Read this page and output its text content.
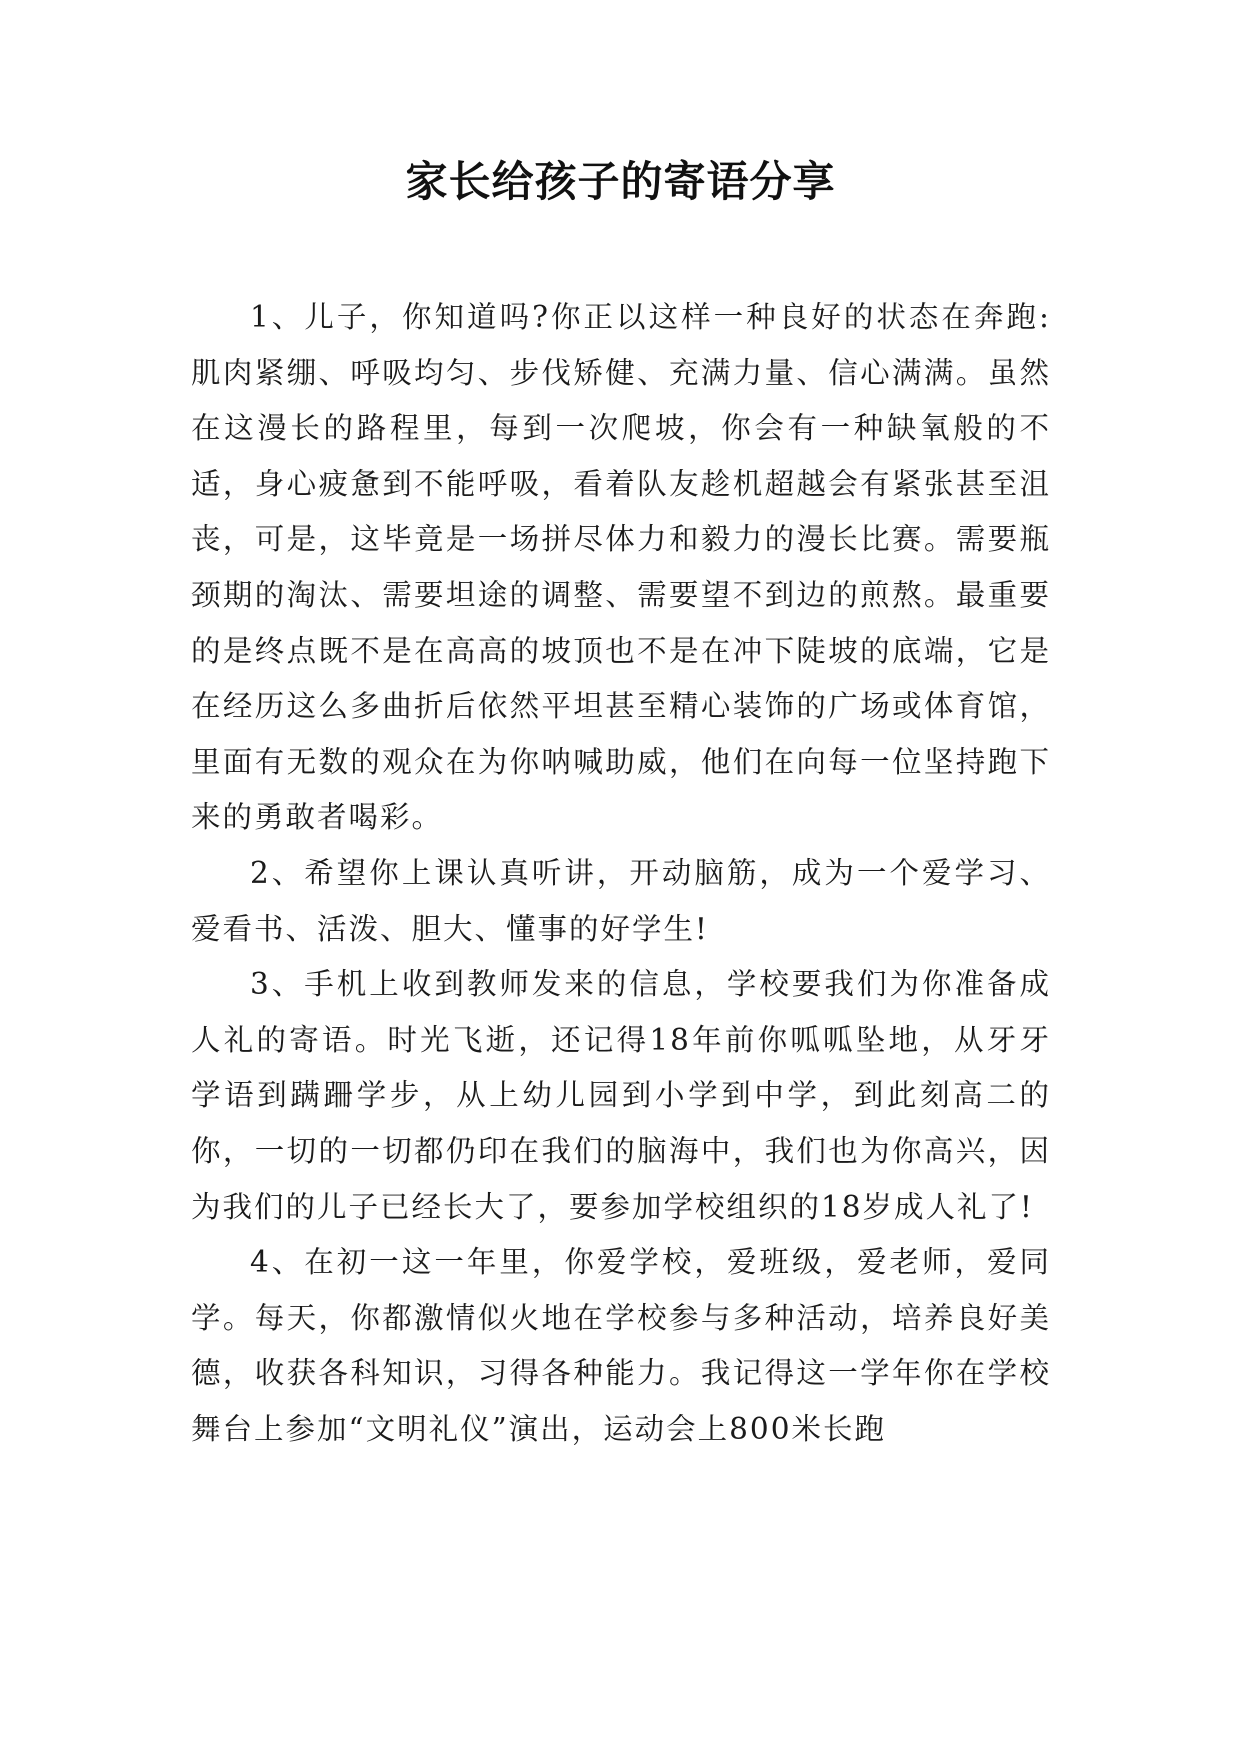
家长给孩子的寄语分享

1、儿子，你知道吗?你正以这样一种良好的状态在奔跑:肌肉紧绷、呼吸均匀、步伐矫健、充满力量、信心满满。虽然在这漫长的路程里，每到一次爬坡，你会有一种缺氧般的不适，身心疲惫到不能呼吸，看着队友趁机超越会有紧张甚至沮丧，可是，这毕竟是一场拼尽体力和毅力的漫长比赛。需要瓶颈期的淘汰、需要坦途的调整、需要望不到边的煎熬。最重要的是终点既不是在高高的坡顶也不是在冲下陡坡的底端，它是在经历这么多曲折后依然平坦甚至精心装饰的广场或体育馆，里面有无数的观众在为你呐喊助威，他们在向每一位坚持跑下来的勇敢者喝彩。

2、希望你上课认真听讲，开动脑筋，成为一个爱学习、爱看书、活泼、胆大、懂事的好学生!

3、手机上收到教师发来的信息，学校要我们为你准备成人礼的寄语。时光飞逝，还记得18年前你呱呱坠地，从牙牙学语到蹒跚学步，从上幼儿园到小学到中学，到此刻高二的你，一切的一切都仍印在我们的脑海中，我们也为你高兴，因为我们的儿子已经长大了，要参加学校组织的18岁成人礼了!

4、在初一这一年里，你爱学校，爱班级，爱老师，爱同学。每天，你都激情似火地在学校参与多种活动，培养良好美德，收获各科知识，习得各种能力。我记得这一学年你在学校舞台上参加“文明礼仪”演出，运动会上800米长跑
